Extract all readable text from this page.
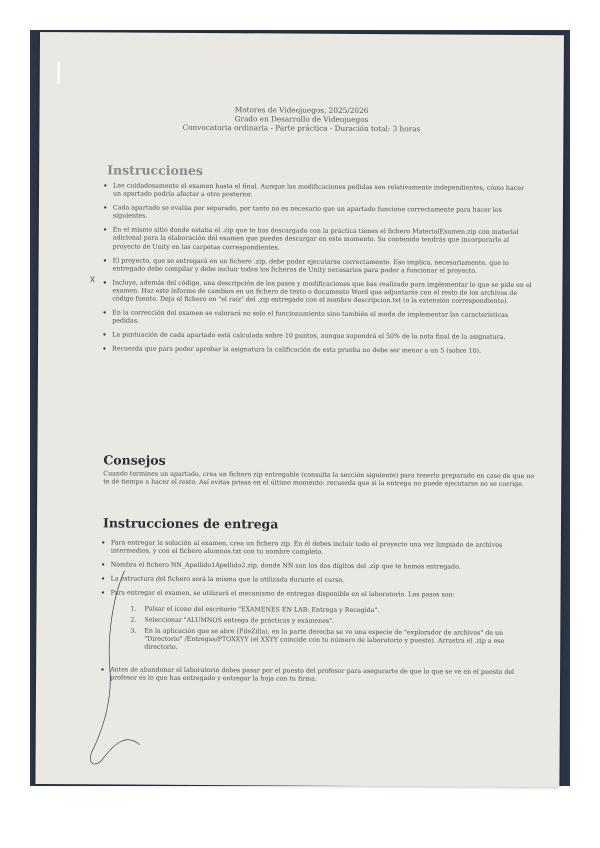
Motores de Videojuegos, 2025/2026
Grado en Desarrollo de Videojuegos
Convocatoria ordinaria - Parte práctica - Duración total: 3 horas
Instrucciones
• Lee cuidadosamente el examen hasta el final. Aunque las modificaciones pedidas son relativamente independientes, cómo hacer un apartado podría afectar a otro posterior.
• Cada apartado se evalúa por separado, por tanto no es necesario que un apartado funcione correctamente para hacer los siguientes.
• En el mismo sitio donde estaba el .zip que te has descargado con la práctica tienes el fichero MaterialExamen.zip con material adicional para la elaboración del examen que puedes descargar en este momento. Su contenido tendrás que incorporarlo al proyecto de Unity en las carpetas correspondientes.
• El proyecto, que se entregará en un fichero .zip, debe poder ejecutarse correctamente. Eso implica, necesariamente, que lo entregado debe compilar y debe incluir todos los ficheros de Unity necesarios para poder a funcionar el proyecto.
• Incluye, además del código, una descripción de los pasos y modificaciones que has realizado para implementar lo que se pide en el examen. Haz este informe de cambios en un fichero de texto o documento Word que adjuntarás con el resto de los archivos de código fuente. Deja el fichero en "el raíz" del .zip entregado con el nombre descripcion.txt (o la extensión correspondiente).
• En la corrección del examen se valorará no solo el funcionamiento sino también el modo de implementar las características pedidas.
• La puntuación de cada apartado está calculada sobre 10 puntos, aunque supondrá el 50% de la nota final de la asignatura.
• Recuerda que para poder aprobar la asignatura la calificación de esta prueba no debe ser menor a un 5 (sobre 10).
Consejos

Cuando termines un apartado, crea un fichero zip entregable (consulta la sección siguiente) para tenerlo preparado en caso de que no te dé tiempo a hacer el resto. Así evitas prisas en el último momento: recuerda que si la entrega no puede ejecutarse no se corrige.

Instrucciones de entrega
• Para entregar la solución al examen, crea un fichero zip. En él debes incluir todo el proyecto una vez limpiado de archivos intermedios, y con el fichero alumnos.txt con tu nombre completo.
• Nombra el fichero NN_Apellido1Apellido2.zip, donde NN son los dos dígitos del .zip que te hemos entregado.
• La estructura del fichero será la misma que la utilizada durante el curso.
• Para entregar el examen, se utilizará el mecanismo de entregas disponible en el laboratorio. Los pasos son:
1. Pulsar el icono del escritorio "EXAMENES EN LAB: Entrega y Recogida".
2. Seleccionar "ALUMNOS entrega de prácticas y exámenes".
3. En la aplicación que se abre (FileZilla), en la parte derecha se ve una especie de "explorador de archivos" de un "Directorio" /Entregas/PTOXXYY (el XXYY coincide con tu número de laboratorio y puesto). Arrastra el .zip a ese directorio.
• Antes de abandonar el laboratorio debes pasar por el puesto del profesor para asegurarte de que lo que se ve en el puesto del profesor es lo que has entregado y entregar la hoja con tu firma.
